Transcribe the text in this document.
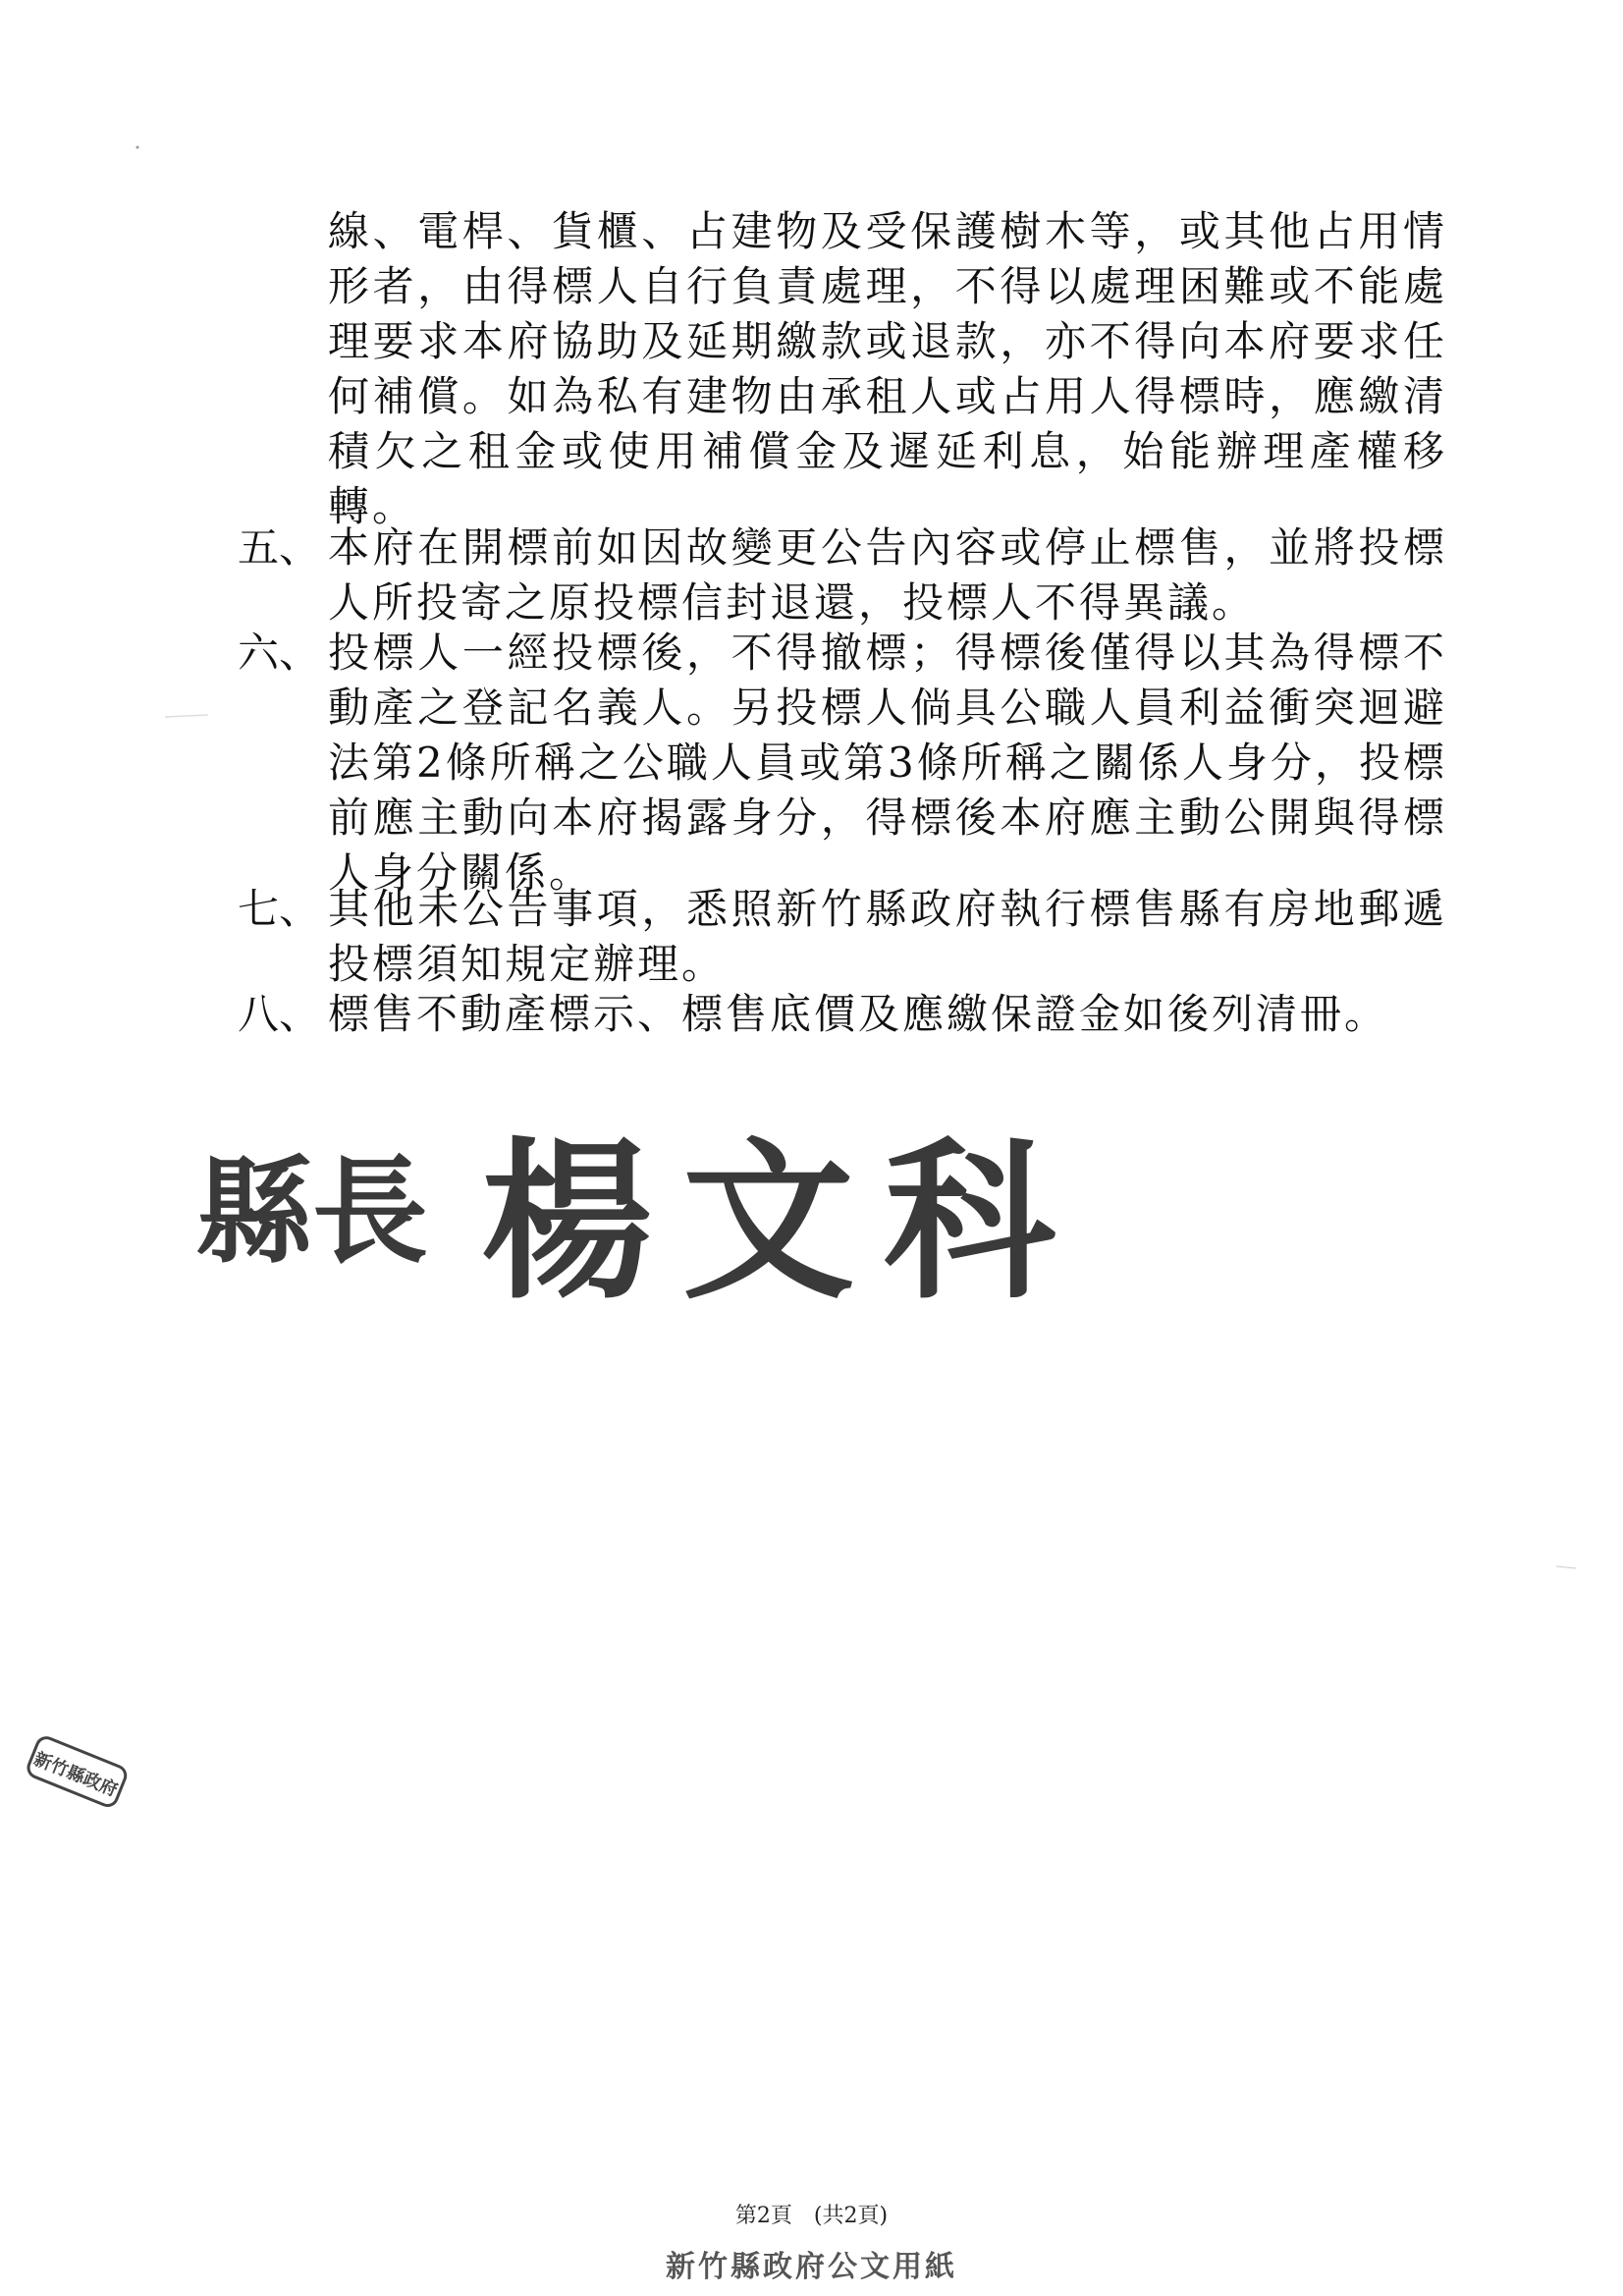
線、電桿、貨櫃、占建物及受保護樹木等，或其他占用情
形者，由得標人自行負責處理，不得以處理困難或不能處
理要求本府協助及延期繳款或退款，亦不得向本府要求任
何補償。如為私有建物由承租人或占用人得標時，應繳清
積欠之租金或使用補償金及遲延利息，始能辦理產權移
轉。
五、 本府在開標前如因故變更公告內容或停止標售，並將投標
人所投寄之原投標信封退還，投標人不得異議。
六、 投標人一經投標後，不得撤標；得標後僅得以其為得標不
動產之登記名義人。另投標人倘具公職人員利益衝突迴避
法第2條所稱之公職人員或第3條所稱之關係人身分，投標
前應主動向本府揭露身分，得標後本府應主動公開與得標
人身分關係。
七、 其他未公告事項，悉照新竹縣政府執行標售縣有房地郵遞
投標須知規定辦理。
八、 標售不動產標示、標售底價及應繳保證金如後列清冊。
縣長 楊文科
新竹縣政府
第2頁　(共2頁)
新竹縣政府公文用紙
